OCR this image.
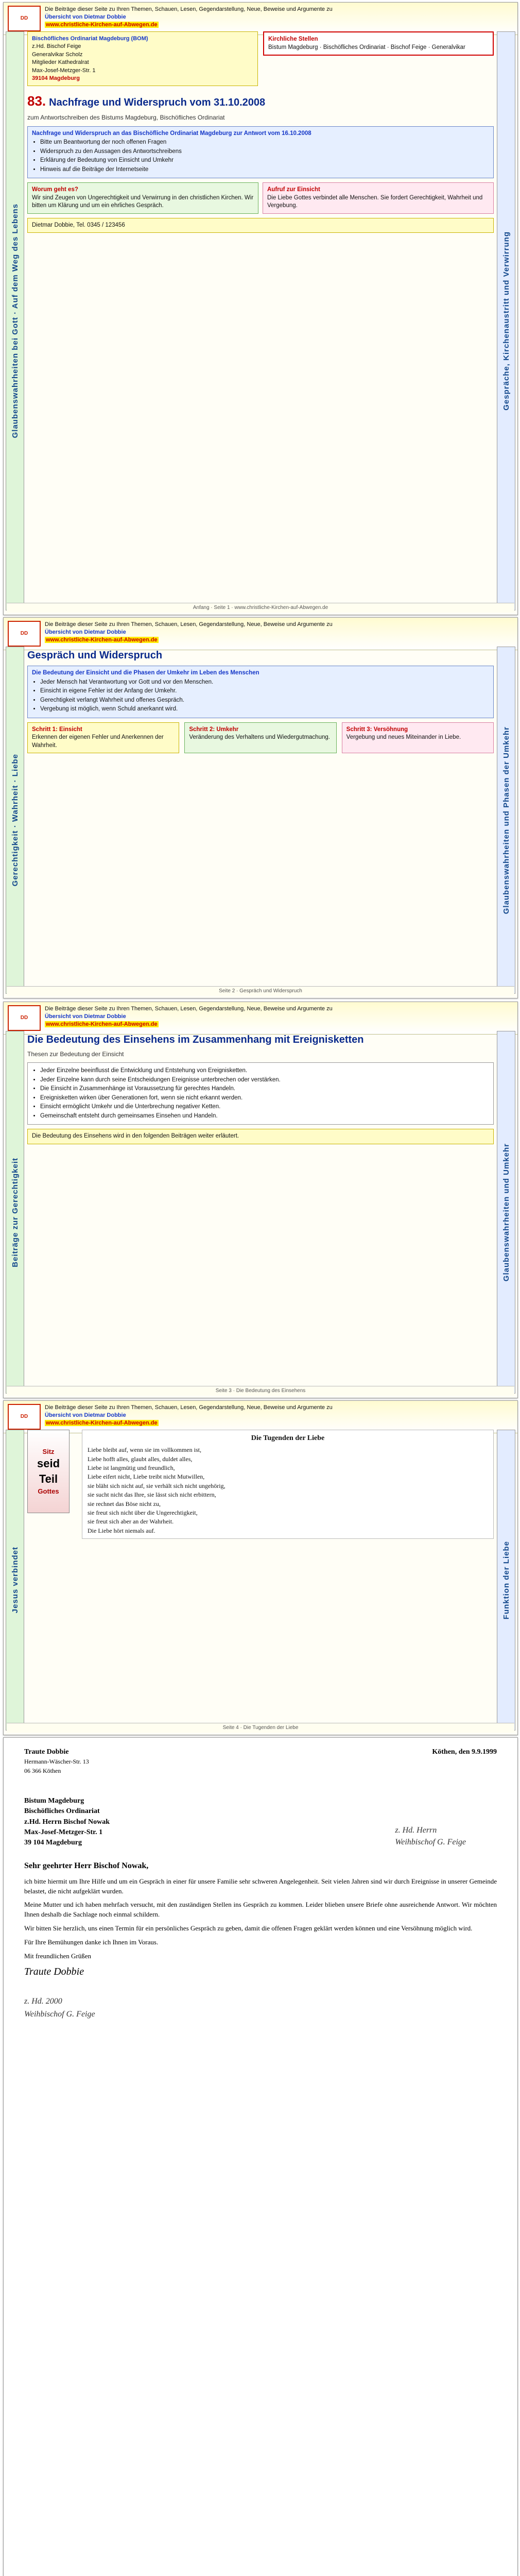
DD
Die Beiträge dieser Seite zu Ihren Themen, Schauen, Lesen, Gegendarstellung, Neue, Beweise und Argumente zu
Übersicht von Dietmar Dobbie
www.christliche-Kirchen-auf-Abwegen.de
Glaubenswahrheiten bei Gott · Auf dem Weg des Lebens	Gespräche, Kirchenaustritt und Verwirrung
Bischöfliches Ordinariat Magdeburg (BOM)
z.Hd. Bischof Feige
Generalvikar Scholz
Mitglieder Kathedralrat
Max-Josef-Metzger-Str. 1
39104 Magdeburg
Kirchliche Stellen
Bistum Magdeburg · Bischöfliches Ordinariat · Bischof Feige · Generalvikar
83. Nachfrage und Widerspruch vom 31.10.2008
zum Antwortschreiben des Bistums Magdeburg, Bischöfliches Ordinariat
Nachfrage und Widerspruch an das Bischöfliche Ordinariat Magdeburg zur Antwort vom 16.10.2008
• Bitte um Beantwortung der noch offenen Fragen
• Widerspruch zu den Aussagen des Antwortschreibens
• Erklärung der Bedeutung von Einsicht und Umkehr
• Hinweis auf die Beiträge der Internetseite
Worum geht es?
Wir sind Zeugen von Ungerechtigkeit und Verwirrung in den christlichen Kirchen. Wir bitten um Klärung und um ein ehrliches Gespräch.
Aufruf zur Einsicht
Die Liebe Gottes verbindet alle Menschen. Sie fordert Gerechtigkeit, Wahrheit und Vergebung.
Dietmar Dobbie, Tel. 0345 / 123456
Anfang · Seite 1 · www.christliche-Kirchen-auf-Abwegen.de
DD
Die Beiträge dieser Seite zu Ihren Themen, Schauen, Lesen, Gegendarstellung, Neue, Beweise und Argumente zu
Übersicht von Dietmar Dobbie
www.christliche-Kirchen-auf-Abwegen.de
Gerechtigkeit · Wahrheit · Liebe	Glaubenswahrheiten und Phasen der Umkehr
Gespräch und Widerspruch
Die Bedeutung der Einsicht und die Phasen der Umkehr im Leben des Menschen
• Jeder Mensch hat Verantwortung vor Gott und vor den Menschen.
• Einsicht in eigene Fehler ist der Anfang der Umkehr.
• Gerechtigkeit verlangt Wahrheit und offenes Gespräch.
• Vergebung ist möglich, wenn Schuld anerkannt wird.
Schritt 1: Einsicht
Erkennen der eigenen Fehler und Anerkennen der Wahrheit.
Schritt 2: Umkehr
Veränderung des Verhaltens und Wiedergutmachung.
Schritt 3: Versöhnung
Vergebung und neues Miteinander in Liebe.
Seite 2 · Gespräch und Widerspruch
DD
Die Beiträge dieser Seite zu Ihren Themen, Schauen, Lesen, Gegendarstellung, Neue, Beweise und Argumente zu
Übersicht von Dietmar Dobbie
www.christliche-Kirchen-auf-Abwegen.de
Beiträge zur Gerechtigkeit	Glaubenswahrheiten und Umkehr
Die Bedeutung des Einsehens im Zusammenhang mit Ereignisketten
Thesen zur Bedeutung der Einsicht
• Jeder Einzelne beeinflusst die Entwicklung und Entstehung von Ereignisketten.
• Jeder Einzelne kann durch seine Entscheidungen Ereignisse unterbrechen oder verstärken.
• Die Einsicht in Zusammenhänge ist Voraussetzung für gerechtes Handeln.
• Ereignisketten wirken über Generationen fort, wenn sie nicht erkannt werden.
• Einsicht ermöglicht Umkehr und die Unterbrechung negativer Ketten.
• Gemeinschaft entsteht durch gemeinsames Einsehen und Handeln.
Die Bedeutung des Einsehens wird in den folgenden Beiträgen weiter erläutert.
Seite 3 · Die Bedeutung des Einsehens
DD
Die Beiträge dieser Seite zu Ihren Themen, Schauen, Lesen, Gegendarstellung, Neue, Beweise und Argumente zu
Übersicht von Dietmar Dobbie
www.christliche-Kirchen-auf-Abwegen.de
Jesus verbindet	Funktion der Liebe
Sitz
seid Teil
Gottes
Die Tugenden der Liebe
Liebe bleibt auf, wenn sie im vollkommen ist,
Liebe hofft alles, glaubt alles, duldet alles,
Liebe ist langmütig und freundlich,
Liebe eifert nicht, Liebe treibt nicht Mutwillen,
sie bläht sich nicht auf, sie verhält sich nicht ungehörig,
sie sucht nicht das Ihre, sie lässt sich nicht erbittern,
sie rechnet das Böse nicht zu,
sie freut sich nicht über die Ungerechtigkeit,
sie freut sich aber an der Wahrheit.
Die Liebe hört niemals auf.
Seite 4 · Die Tugenden der Liebe
Traute Dobbie
Hermann-Wäscher-Str. 13
06 366 Köthen
Köthen, den 9.9.1999
Bistum Magdeburg
Bischöfliches Ordinariat
z.Hd. Herrn Bischof Nowak
Max-Josef-Metzger-Str. 1
39 104 Magdeburg
z. Hd. Herrn
Weihbischof G. Feige
Sehr geehrter Herr Bischof Nowak,

ich bitte hiermit um Ihre Hilfe und um ein Gespräch in einer für unsere Familie sehr schweren Angelegenheit. Seit vielen Jahren sind wir durch Ereignisse in unserer Gemeinde belastet, die nicht aufgeklärt wurden.

Meine Mutter und ich haben mehrfach versucht, mit den zuständigen Stellen ins Gespräch zu kommen. Leider blieben unsere Briefe ohne ausreichende Antwort. Wir möchten Ihnen deshalb die Sachlage noch einmal schildern.

Wir bitten Sie herzlich, uns einen Termin für ein persönliches Gespräch zu geben, damit die offenen Fragen geklärt werden können und eine Versöhnung möglich wird.

Für Ihre Bemühungen danke ich Ihnen im Voraus.

Mit freundlichen Grüßen
Traute Dobbie
z. Hd. 2000
Weihbischof G. Feige
